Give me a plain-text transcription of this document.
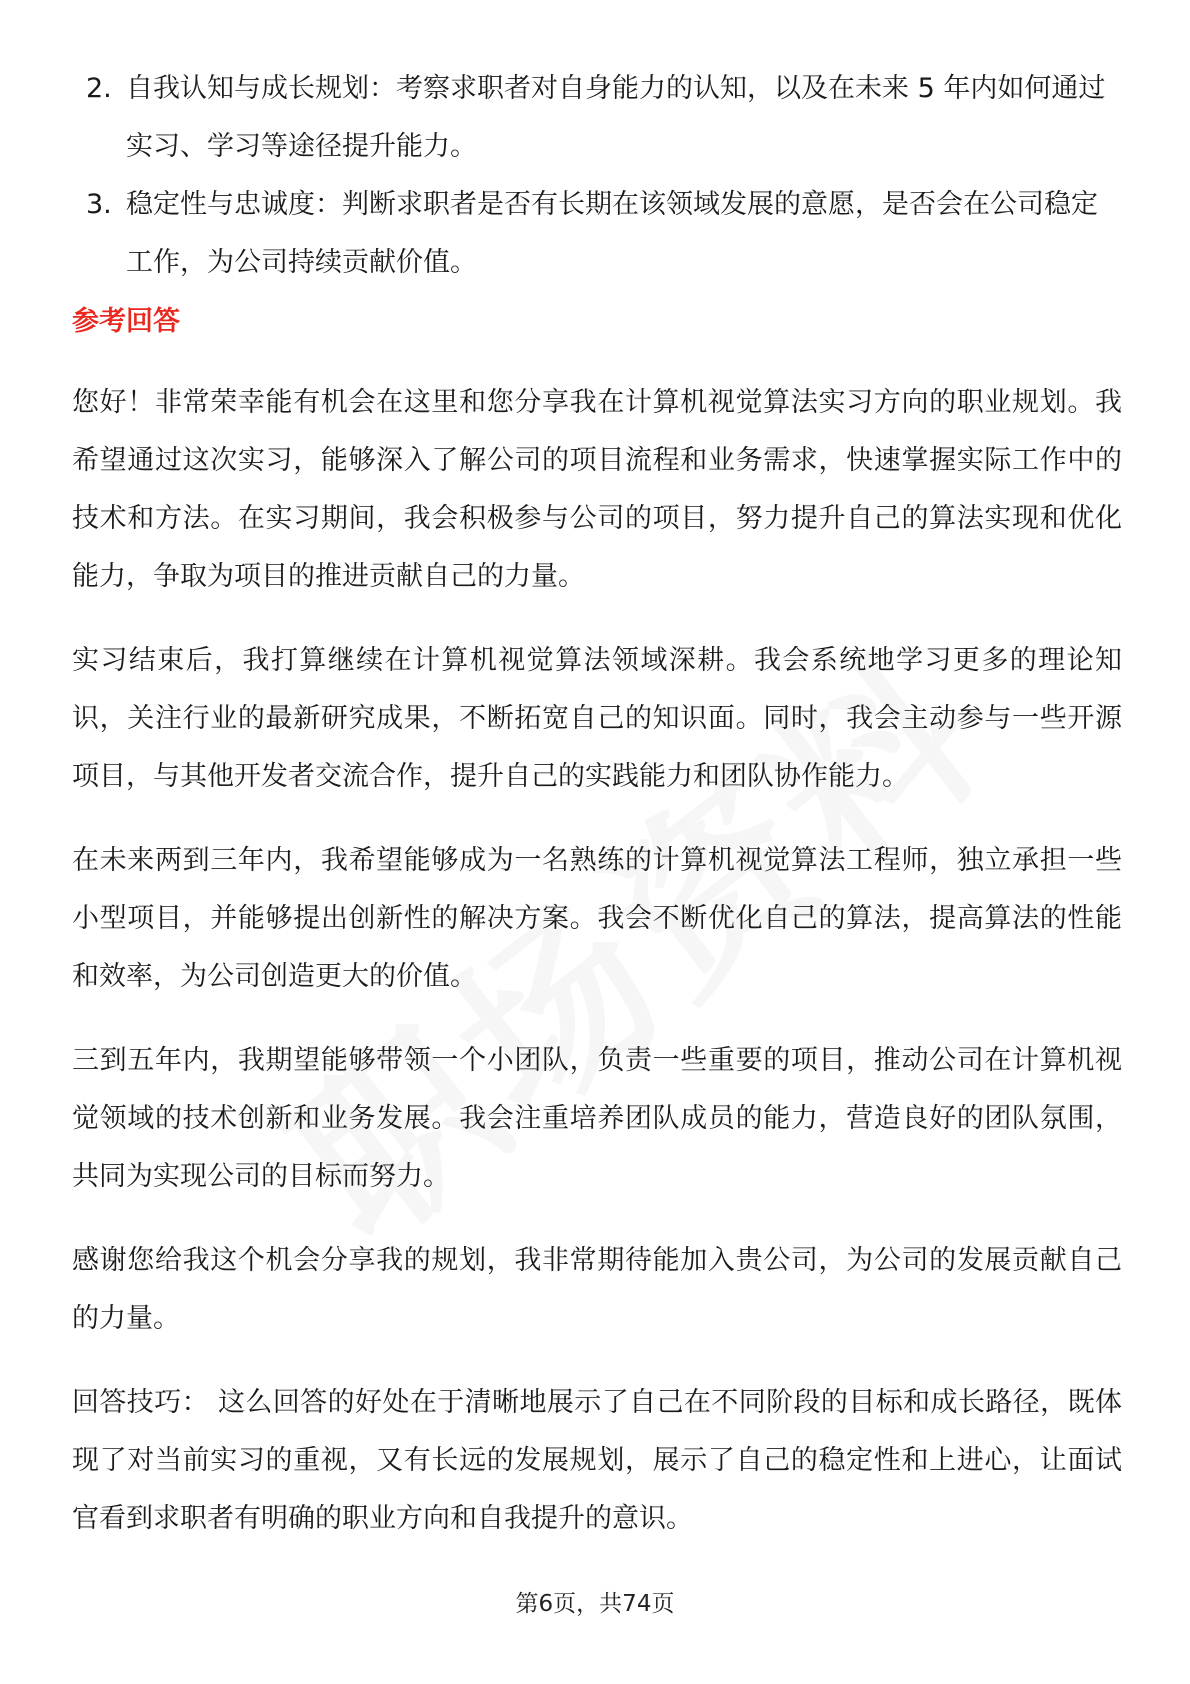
2. 自我认知与成长规划：考察求职者对自身能力的认知，以及在未来 5 年内如何通过实习、学习等途径提升能力。
3. 稳定性与忠诚度：判断求职者是否有长期在该领域发展的意愿，是否会在公司稳定工作，为公司持续贡献价值。
参考回答

您好！非常荣幸能有机会在这里和您分享我在计算机视觉算法实习方向的职业规划。我希望通过这次实习，能够深入了解公司的项目流程和业务需求，快速掌握实际工作中的技术和方法。在实习期间，我会积极参与公司的项目，努力提升自己的算法实现和优化能力，争取为项目的推进贡献自己的力量。

实习结束后，我打算继续在计算机视觉算法领域深耕。我会系统地学习更多的理论知识，关注行业的最新研究成果，不断拓宽自己的知识面。同时，我会主动参与一些开源项目，与其他开发者交流合作，提升自己的实践能力和团队协作能力。

在未来两到三年内，我希望能够成为一名熟练的计算机视觉算法工程师，独立承担一些小型项目，并能够提出创新性的解决方案。我会不断优化自己的算法，提高算法的性能和效率，为公司创造更大的价值。

三到五年内，我期望能够带领一个小团队，负责一些重要的项目，推动公司在计算机视觉领域的技术创新和业务发展。我会注重培养团队成员的能力，营造良好的团队氛围，共同为实现公司的目标而努力。

感谢您给我这个机会分享我的规划，我非常期待能加入贵公司，为公司的发展贡献自己的力量。

回答技巧： 这么回答的好处在于清晰地展示了自己在不同阶段的目标和成长路径，既体现了对当前实习的重视，又有长远的发展规划，展示了自己的稳定性和上进心，让面试官看到求职者有明确的职业方向和自我提升的意识。

第6页，共74页
